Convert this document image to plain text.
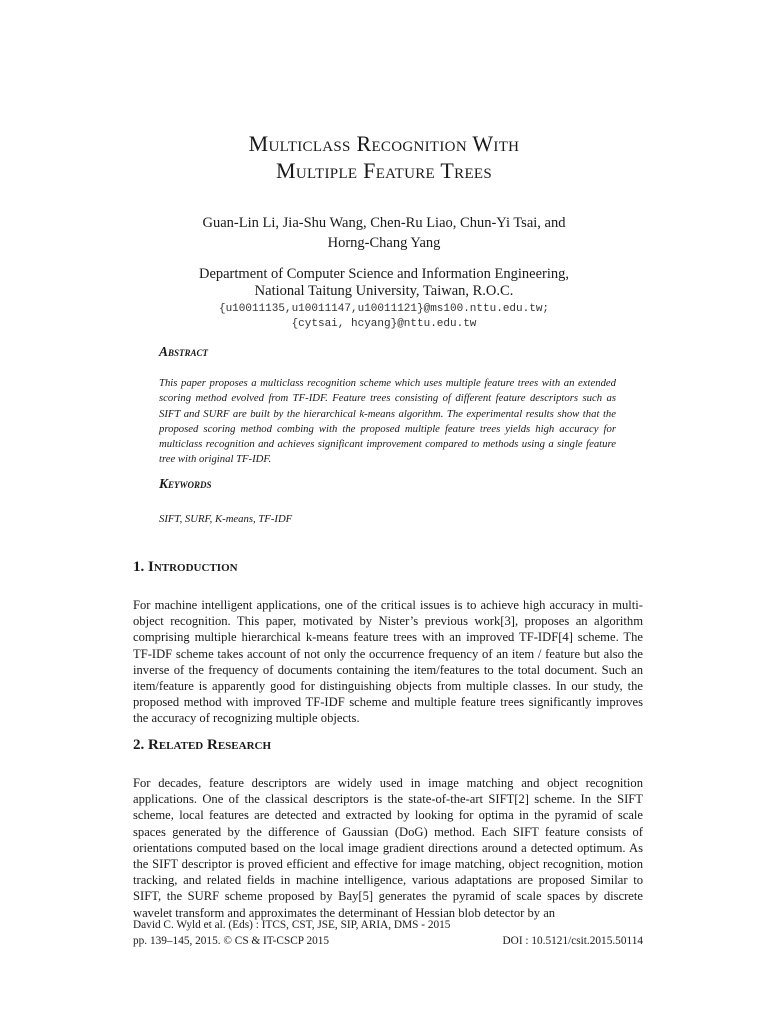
Multiclass Recognition With
Multiple Feature Trees
Guan-Lin Li, Jia-Shu Wang, Chen-Ru Liao, Chun-Yi Tsai, and
Horng-Chang Yang
Department of Computer Science and Information Engineering,
National Taitung University, Taiwan, R.O.C.
{u10011135,u10011147,u10011121}@ms100.nttu.edu.tw;
{cytsai, hcyang}@nttu.edu.tw
Abstract
This paper proposes a multiclass recognition scheme which uses multiple feature trees with an extended scoring method evolved from TF-IDF. Feature trees consisting of different feature descriptors such as SIFT and SURF are built by the hierarchical k-means algorithm. The experimental results show that the proposed scoring method combing with the proposed multiple feature trees yields high accuracy for multiclass recognition and achieves significant improvement compared to methods using a single feature tree with original TF-IDF.
Keywords
SIFT, SURF, K-means, TF-IDF
1. Introduction
For machine intelligent applications, one of the critical issues is to achieve high accuracy in multi-object recognition. This paper, motivated by Nister’s previous work[3], proposes an algorithm comprising multiple hierarchical k-means feature trees with an improved TF-IDF[4] scheme. The TF-IDF scheme takes account of not only the occurrence frequency of an item / feature but also the inverse of the frequency of documents containing the item/features to the total document. Such an item/feature is apparently good for distinguishing objects from multiple classes. In our study, the proposed method with improved TF-IDF scheme and multiple feature trees significantly improves the accuracy of recognizing multiple objects.
2. Related Research
For decades, feature descriptors are widely used in image matching and object recognition applications. One of the classical descriptors is the state-of-the-art SIFT[2] scheme. In the SIFT scheme, local features are detected and extracted by looking for optima in the pyramid of scale spaces generated by the difference of Gaussian (DoG) method. Each SIFT feature consists of orientations computed based on the local image gradient directions around a detected optimum. As the SIFT descriptor is proved efficient and effective for image matching, object recognition, motion tracking, and related fields in machine intelligence, various adaptations are proposed Similar to SIFT, the SURF scheme proposed by Bay[5] generates the pyramid of scale spaces by discrete wavelet transform and approximates the determinant of Hessian blob detector by an
David C. Wyld et al. (Eds) : ITCS, CST, JSE, SIP, ARIA, DMS - 2015
pp. 139–145, 2015. © CS & IT-CSCP 2015	DOI : 10.5121/csit.2015.50114
